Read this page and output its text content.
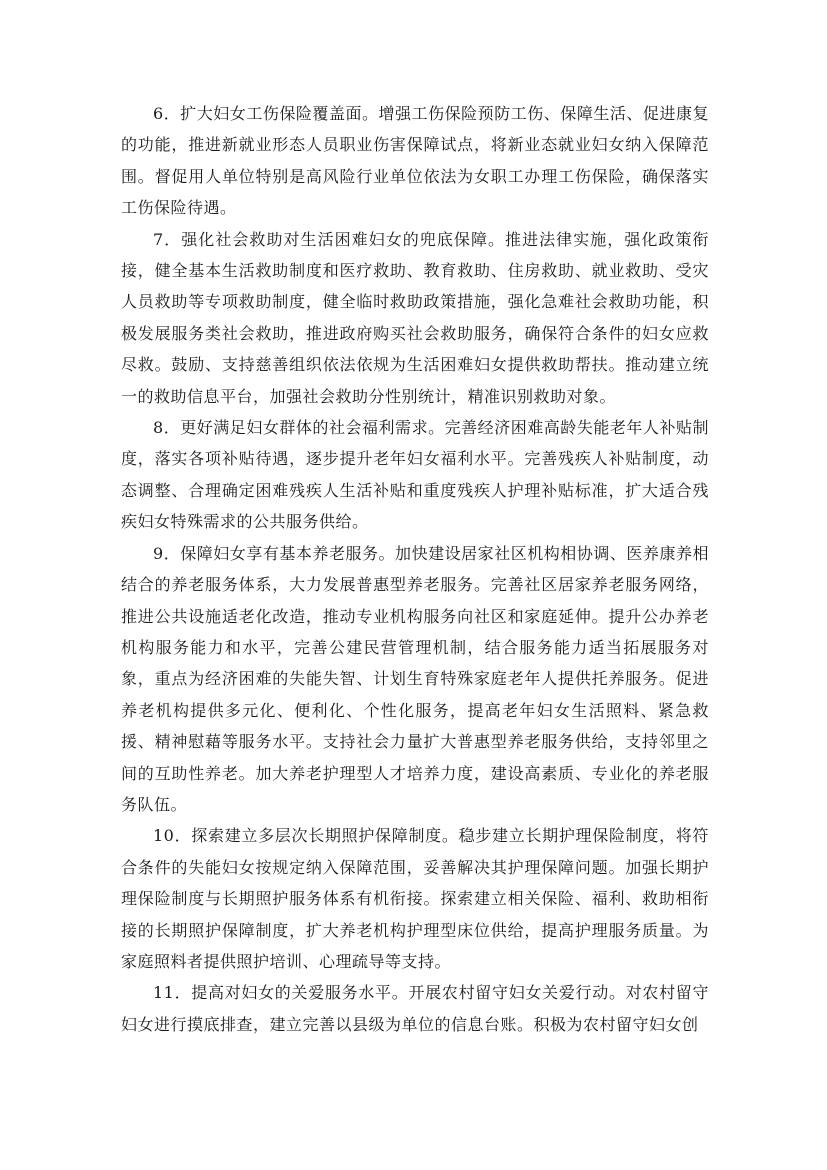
6．扩大妇女工伤保险覆盖面。增强工伤保险预防工伤、保障生活、促进康复的功能，推进新就业形态人员职业伤害保障试点，将新业态就业妇女纳入保障范围。督促用人单位特别是高风险行业单位依法为女职工办理工伤保险，确保落实工伤保险待遇。

7．强化社会救助对生活困难妇女的兜底保障。推进法律实施，强化政策衔接，健全基本生活救助制度和医疗救助、教育救助、住房救助、就业救助、受灾人员救助等专项救助制度，健全临时救助政策措施，强化急难社会救助功能，积极发展服务类社会救助，推进政府购买社会救助服务，确保符合条件的妇女应救尽救。鼓励、支持慈善组织依法依规为生活困难妇女提供救助帮扶。推动建立统一的救助信息平台，加强社会救助分性别统计，精准识别救助对象。

8．更好满足妇女群体的社会福利需求。完善经济困难高龄失能老年人补贴制度，落实各项补贴待遇，逐步提升老年妇女福利水平。完善残疾人补贴制度，动态调整、合理确定困难残疾人生活补贴和重度残疾人护理补贴标准，扩大适合残疾妇女特殊需求的公共服务供给。

9．保障妇女享有基本养老服务。加快建设居家社区机构相协调、医养康养相结合的养老服务体系，大力发展普惠型养老服务。完善社区居家养老服务网络，推进公共设施适老化改造，推动专业机构服务向社区和家庭延伸。提升公办养老机构服务能力和水平，完善公建民营管理机制，结合服务能力适当拓展服务对象，重点为经济困难的失能失智、计划生育特殊家庭老年人提供托养服务。促进养老机构提供多元化、便利化、个性化服务，提高老年妇女生活照料、紧急救援、精神慰藉等服务水平。支持社会力量扩大普惠型养老服务供给，支持邻里之间的互助性养老。加大养老护理型人才培养力度，建设高素质、专业化的养老服务队伍。

10．探索建立多层次长期照护保障制度。稳步建立长期护理保险制度，将符合条件的失能妇女按规定纳入保障范围，妥善解决其护理保障问题。加强长期护理保险制度与长期照护服务体系有机衔接。探索建立相关保险、福利、救助相衔接的长期照护保障制度，扩大养老机构护理型床位供给，提高护理服务质量。为家庭照料者提供照护培训、心理疏导等支持。

11．提高对妇女的关爱服务水平。开展农村留守妇女关爱行动。对农村留守妇女进行摸底排查，建立完善以县级为单位的信息台账。积极为农村留守妇女创
